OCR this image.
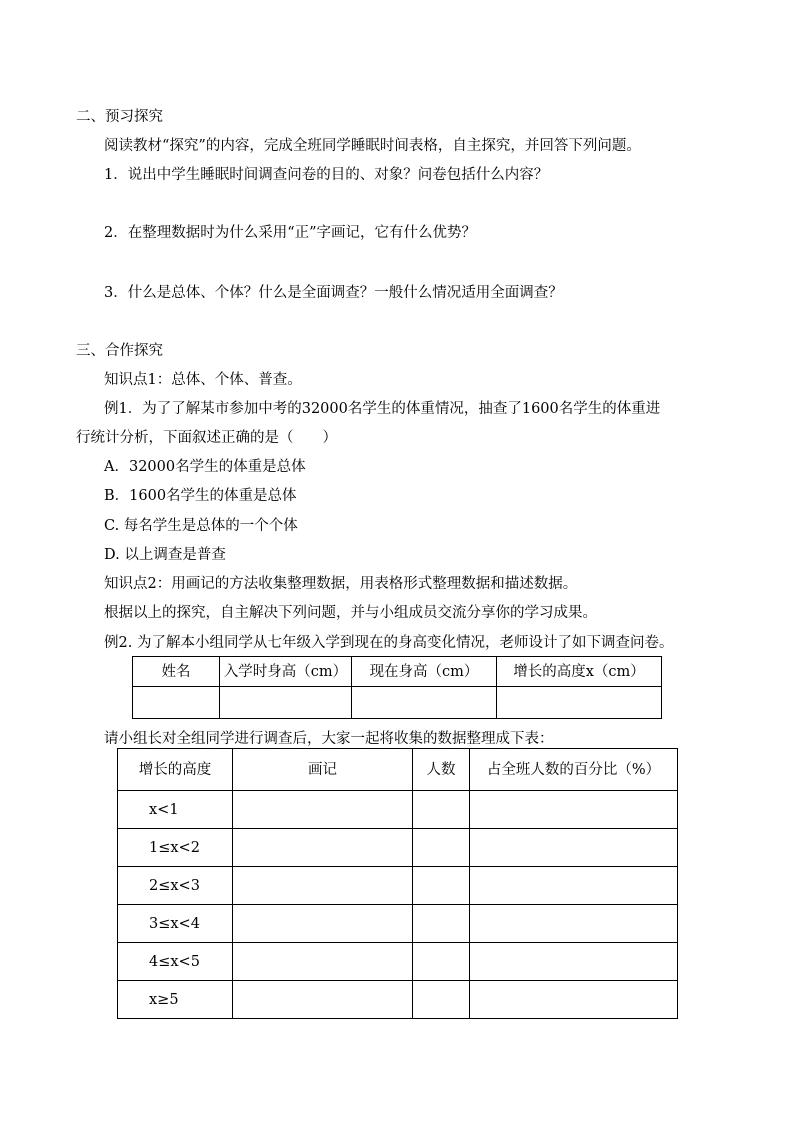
二、预习探究
阅读教材“探究”的内容，完成全班同学睡眠时间表格，自主探究，并回答下列问题。
1．说出中学生睡眠时间调查问卷的目的、对象？问卷包括什么内容？
2．在整理数据时为什么采用“正”字画记，它有什么优势？
3．什么是总体、个体？什么是全面调查？一般什么情况适用全面调查？
三、合作探究
知识点1：总体、个体、普查。
例1．为了了解某市参加中考的32000名学生的体重情况，抽查了1600名学生的体重进
行统计分析，下面叙述正确的是（　　）
A．32000名学生的体重是总体
B．1600名学生的体重是总体
C. 每名学生是总体的一个个体
D. 以上调查是普查
知识点2：用画记的方法收集整理数据，用表格形式整理数据和描述数据。
根据以上的探究，自主解决下列问题，并与小组成员交流分享你的学习成果。
例2. 为了解本小组同学从七年级入学到现在的身高变化情况，老师设计了如下调查问卷。
姓名	入学时身高（cm）	现在身高（cm）	增长的高度x（cm）

请小组长对全组同学进行调查后，大家一起将收集的数据整理成下表：
增长的高度	画记	人数	占全班人数的百分比（%）
x<1			
1≤x<2			
2≤x<3			
3≤x<4			
4≤x<5			
x≥5			
